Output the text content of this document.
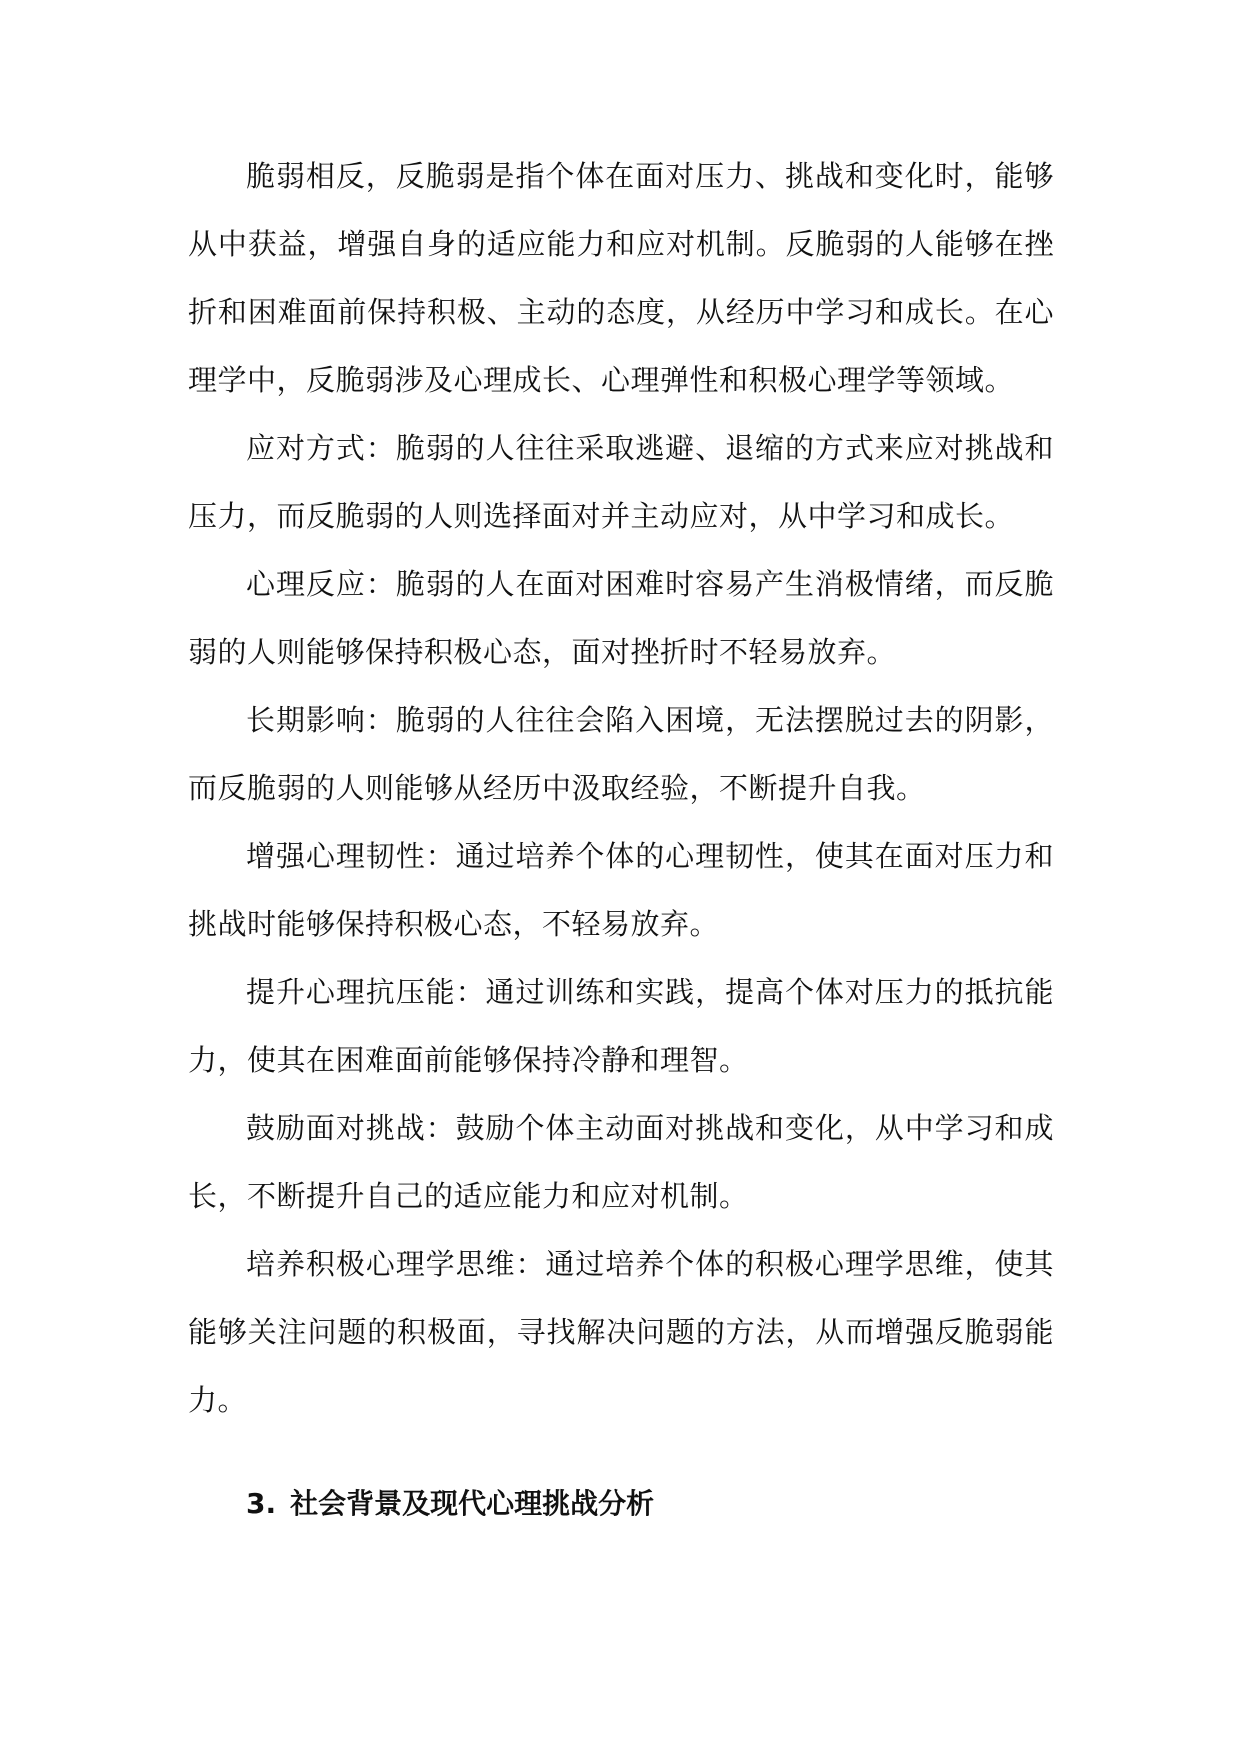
脆弱相反，反脆弱是指个体在面对压力、挑战和变化时，能够从中获益，增强自身的适应能力和应对机制。反脆弱的人能够在挫折和困难面前保持积极、主动的态度，从经历中学习和成长。在心理学中，反脆弱涉及心理成长、心理弹性和积极心理学等领域。

应对方式：脆弱的人往往采取逃避、退缩的方式来应对挑战和压力，而反脆弱的人则选择面对并主动应对，从中学习和成长。

心理反应：脆弱的人在面对困难时容易产生消极情绪，而反脆弱的人则能够保持积极心态，面对挫折时不轻易放弃。

长期影响：脆弱的人往往会陷入困境，无法摆脱过去的阴影，而反脆弱的人则能够从经历中汲取经验，不断提升自我。

增强心理韧性：通过培养个体的心理韧性，使其在面对压力和挑战时能够保持积极心态，不轻易放弃。

提升心理抗压能：通过训练和实践，提高个体对压力的抵抗能力，使其在困难面前能够保持冷静和理智。

鼓励面对挑战：鼓励个体主动面对挑战和变化，从中学习和成长，不断提升自己的适应能力和应对机制。

培养积极心理学思维：通过培养个体的积极心理学思维，使其能够关注问题的积极面，寻找解决问题的方法，从而增强反脆弱能力。

3. 社会背景及现代心理挑战分析
